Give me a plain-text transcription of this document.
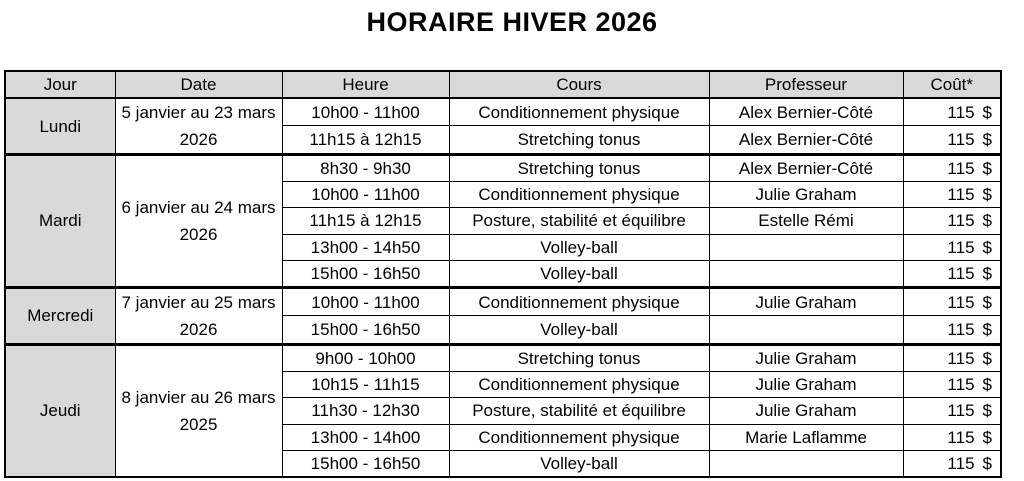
HORAIRE HIVER 2026
Jour	Date	Heure	Cours	Professeur	Coût*
Lundi	5 janvier au 23 mars 2026	10h00 - 11h00	Conditionnement physique	Alex Bernier-Côté	115 $
		11h15 à 12h15	Stretching tonus	Alex Bernier-Côté	115 $
Mardi	6 janvier au 24 mars 2026	8h30 - 9h30	Stretching tonus	Alex Bernier-Côté	115 $
		10h00 - 11h00	Conditionnement physique	Julie Graham	115 $
		11h15 à 12h15	Posture, stabilité et équilibre	Estelle Rémi	115 $
		13h00 - 14h50	Volley-ball		115 $
		15h00 - 16h50	Volley-ball		115 $
Mercredi	7 janvier au 25 mars 2026	10h00 - 11h00	Conditionnement physique	Julie Graham	115 $
		15h00 - 16h50	Volley-ball		115 $
Jeudi	8 janvier au 26 mars 2025	9h00 - 10h00	Stretching tonus	Julie Graham	115 $
		10h15 - 11h15	Conditionnement physique	Julie Graham	115 $
		11h30 - 12h30	Posture, stabilité et équilibre	Julie Graham	115 $
		13h00 - 14h00	Conditionnement physique	Marie Laflamme	115 $
		15h00 - 16h50	Volley-ball		115 $
